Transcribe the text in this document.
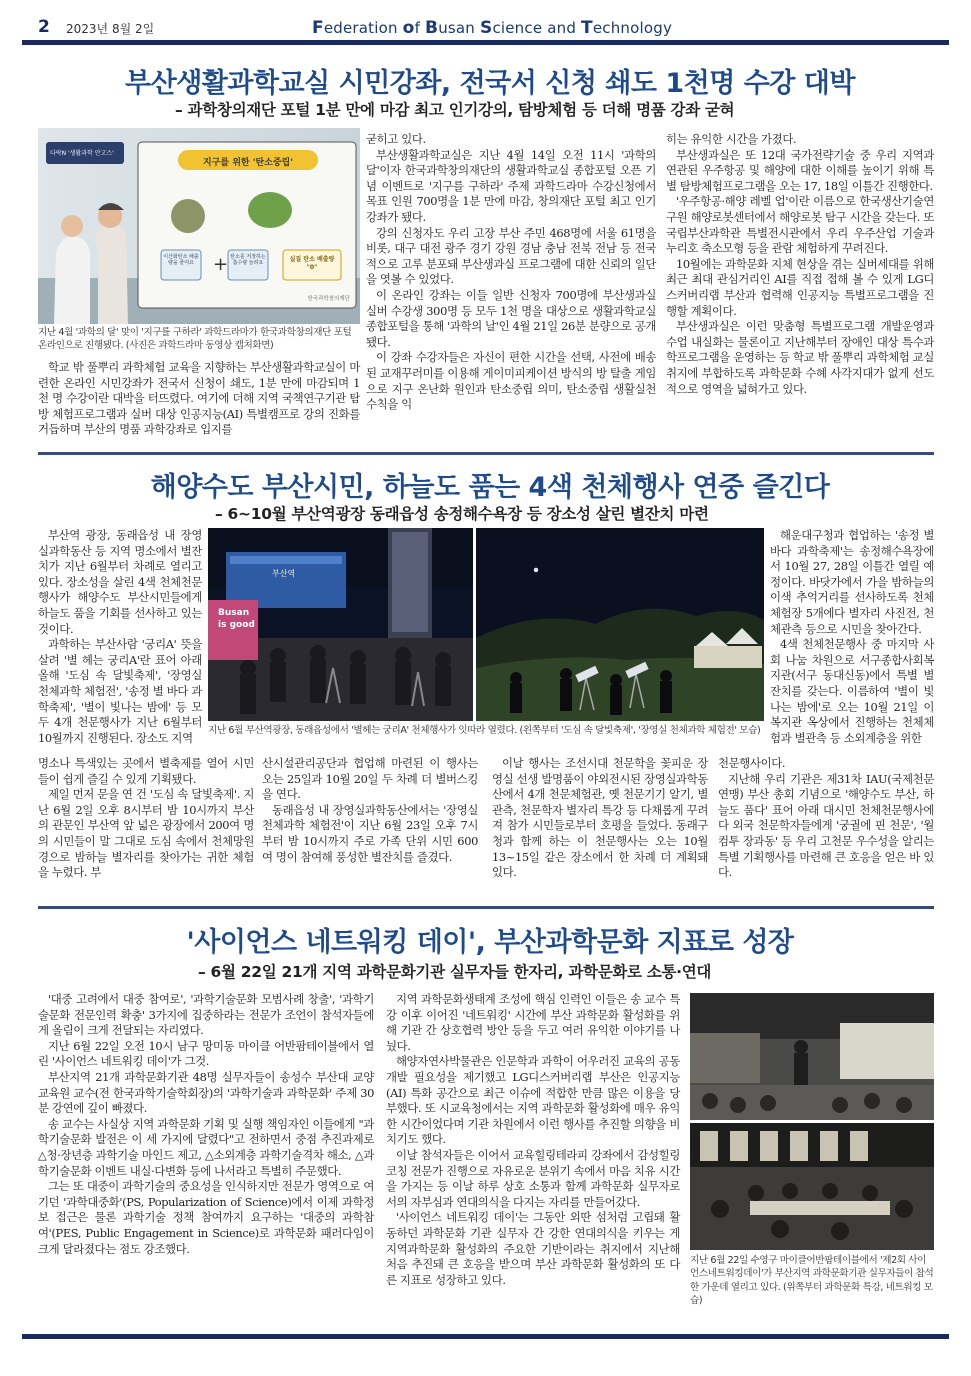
2 2023년 8월 2일	Federation of Busan Science and Technology
부산생활과학교실 시민강좌, 전국서 신청 쇄도 1천명 수강 대박
– 과학창의재단 포털 1분 만에 마감 최고 인기강의, 탐방체험 등 더해 명품 강좌 굳혀
+
다락N '생활과학 안고스'
지구를 위한 '탄소중립'
이산화탄소 배출량을 줄여요
탄소를 저장하는 흡수량 늘려요	실질 탄소 배출량 "0"
한국과학창의재단
지난 4월 '과학의 달' 맞이 '지구를 구하라' 과학드라마가 한국과학창의재단 포털 온라인으로 진행됐다. (사진은 과학드라마 동영상 캡처화면)

학교 밖 풀뿌리 과학체험 교육을 지향하는 부산생활과학교실이 마련한 온라인 시민강좌가 전국서 신청이 쇄도, 1분 만에 마감되며 1천 명 수강이란 대박을 터뜨렸다. 여기에 더해 지역 국책연구기관 탐방 체험프로그램과 실버 대상 인공지능(AI) 특별캠프로 강의 진화를 거듭하며 부산의 명품 과학강좌로 입지를

굳히고 있다.

부산생활과학교실은 지난 4월 14일 오전 11시 '과학의 달'이자 한국과학창의재단의 생활과학교실 종합포털 오픈 기념 이벤트로 '지구를 구하라' 주제 과학드라마 수강신청에서 목표 인원 700명을 1분 만에 마감, 창의재단 포털 최고 인기강좌가 됐다.

강의 신청자도 우리 고장 부산 주민 468명에 서울 61명을 비롯, 대구 대전 광주 경기 강원 경남 충남 전북 전남 등 전국적으로 고루 분포돼 부산생과실 프로그램에 대한 신뢰의 일단을 엿볼 수 있었다.

이 온라인 강좌는 이들 일반 신청자 700명에 부산생과실 실버 수강생 300명 등 모두 1천 명을 대상으로 생활과학교실 종합포털을 통해 '과학의 날'인 4월 21일 26분 분량으로 공개됐다.

이 강좌 수강자들은 자신이 편한 시간을 선택, 사전에 배송된 교재꾸러미를 이용해 게이미피케이션 방식의 방 탈출 게임으로 지구 온난화 원인과 탄소중립 의미, 탄소중립 생활실천 수칙을 익

히는 유익한 시간을 가졌다.

부산생과실은 또 12대 국가전략기술 중 우리 지역과 연관된 우주항공 및 해양에 대한 이해를 높이기 위해 특별 탐방체험프로그램을 오는 17, 18일 이틀간 진행한다.

'우주항공·해양 레벨 업'이란 이름으로 한국생산기술연구원 해양로봇센터에서 해양로봇 탐구 시간을 갖는다. 또 국립부산과학관 특별전시관에서 우리 우주산업 기술과 누리호 축소모형 등을 관람 체험하게 꾸려진다.

10월에는 과학문화 지체 현상을 겪는 실버세대를 위해 최근 최대 관심거리인 AI를 직접 접해 볼 수 있게 LG디스커버리랩 부산과 협력해 인공지능 특별프로그램을 진행할 계획이다.

부산생과실은 이런 맞춤형 특별프로그램 개발운영과 수업 내실화는 물론이고 지난해부터 장애인 대상 특수과학프로그램을 운영하는 등 학교 밖 풀뿌리 과학체험 교실 취지에 부합하도록 과학문화 수혜 사각지대가 없게 선도적으로 영역을 넓혀가고 있다.

해양수도 부산시민, 하늘도 품는 4색 천체행사 연중 즐긴다
– 6~10월 부산역광장 동래읍성 송정해수욕장 등 장소성 살린 별잔치 마련

부산역 광장, 동래읍성 내 장영실과학동산 등 지역 명소에서 별잔치가 지난 6월부터 차례로 열리고 있다. 장소성을 살린 4색 천체천문행사가 해양수도 부산시민들에게 하늘도 품을 기회를 선사하고 있는 것이다.

과학하는 부산사람 '궁리A' 뜻을 살려 '별 헤는 궁리A'란 표어 아래 올해 '도심 속 달빛축제', '장영실 천체과학 체험전', '송정 별 바다 과학축제', '별이 빛나는 밤에' 등 모두 4개 천문행사가 지난 6월부터 10월까지 진행된다. 장소도 지역

Busan
is good
부산역
지난 6월 부산역광장, 동래읍성에서 '별헤는 궁리A' 천체행사가 잇따라 열렸다. (왼쪽부터 '도심 속 달빛축제', '장영실 천체과학 체험전' 모습)

명소나 특색있는 곳에서 별축제를 열어 시민들이 쉽게 즐길 수 있게 기획됐다.

제일 먼저 문을 연 건 '도심 속 달빛축제'. 지난 6월 2일 오후 8시부터 밤 10시까지 부산의 관문인 부산역 앞 넓은 광장에서 200여 명의 시민들이 말 그대로 도심 속에서 천체망원경으로 밤하늘 별자리를 찾아가는 귀한 체험을 누렸다. 부

산시설관리공단과 협업해 마련된 이 행사는 오는 25일과 10월 20일 두 차례 더 별버스킹을 연다.

동래읍성 내 장영실과학동산에서는 '장영실 천체과학 체험전'이 지난 6월 23일 오후 7시부터 밤 10시까지 주로 가족 단위 시민 600여 명이 참여해 풍성한 별잔치를 즐겼다.

이날 행사는 조선시대 천문학을 꽃피운 장영실 선생 발명품이 야외전시된 장영실과학동산에서 4개 천문체험관, 옛 천문기기 알기, 별관측, 천문학자 별자리 특강 등 다채롭게 꾸려져 참가 시민들로부터 호평을 들었다. 동래구청과 함께 하는 이 천문행사는 오는 10월 13~15일 같은 장소에서 한 차례 더 계획돼 있다.

해운대구청과 협업하는 '송정 별 바다 과학축제'는 송정해수욕장에서 10월 27, 28일 이틀간 열릴 예정이다. 바닷가에서 가을 밤하늘의 이색 추억거리를 선사하도록 천체체험장 5개에다 별자리 사진전, 천체관측 등으로 시민을 찾아간다.

4색 천체천문행사 중 마지막 사회 나눔 차원으로 서구종합사회복지관(서구 동대신동)에서 특별 별잔치를 갖는다. 이름하여 '별이 빛나는 밤에'로 오는 10월 21일 이 복지관 옥상에서 진행하는 천체체험과 별관측 등 소외계층을 위한

천문행사이다.

지난해 우리 기관은 제31차 IAU(국제천문연맹) 부산 총회 기념으로 '해양수도 부산, 하늘도 품다' 표어 아래 대시민 천체천문행사에다 외국 천문학자들에게 '궁궐에 핀 천문', '월컴투 장과동' 등 우리 고천문 우수성을 알리는 특별 기획행사를 마련해 큰 호응을 얻은 바 있다.

'사이언스 네트워킹 데이', 부산과학문화 지표로 성장
– 6월 22일 21개 지역 과학문화기관 실무자들 한자리, 과학문화로 소통·연대

'대중 고려에서 대중 참여로', '과학기술문화 모범사례 창출', '과학기술문화 전문인력 확충' 3가지에 집중하라는 전문가 조언이 참석자들에게 올림이 크게 전달되는 자리였다.

지난 6월 22일 오전 10시 남구 망미동 마이클 어반팜테이블에서 열린 '사이언스 네트워킹 데이'가 그것.

부산지역 21개 과학문화기관 48명 실무자들이 송성수 부산대 교양교육원 교수(전 한국과학기술학회장)의 '과학기술과 과학문화' 주제 30분 강연에 깊이 빠졌다.

송 교수는 사실상 지역 과학문화 기획 및 실행 책임자인 이들에게 "과학기술문화 발전은 이 세 가지에 달렸다"고 전하면서 중점 추진과제로 △청·장년층 과학기술 마인드 제고, △소외계층 과학기술격차 해소, △과학기술문화 이벤트 내실·다변화 등에 나서라고 특별히 주문했다.

그는 또 대중이 과학기술의 중요성을 인식하지만 전문가 영역으로 여기던 '과학대중화'(PS, Popularization of Science)에서 이제 과학정보 접근은 물론 과학기술 정책 참여까지 요구하는 '대중의 과학참여'(PES, Public Engagement in Science)로 과학문화 패러다임이 크게 달라졌다는 점도 강조했다.

지역 과학문화생태계 조성에 핵심 인력인 이들은 송 교수 특강 이후 이어진 '네트워킹' 시간에 부산 과학문화 활성화를 위해 기관 간 상호협력 방안 등을 두고 여러 유익한 이야기를 나눴다.

해양자연사박물관은 인문학과 과학이 어우러진 교육의 공동개발 필요성을 제기했고 LG디스커버리랩 부산은 인공지능(AI) 특화 공간으로 최근 이슈에 적합한 만큼 많은 이용을 당부했다. 또 시교육청에서는 지역 과학문화 활성화에 매우 유익한 시간이었다며 기관 차원에서 이런 행사를 추진할 의향을 비치기도 했다.

이날 참석자들은 이어서 교육힐링테라피 강좌에서 감성힐링 코칭 전문가 진행으로 자유로운 분위기 속에서 마음 치유 시간을 가지는 등 이날 하루 상호 소통과 함께 과학문화 실무자로서의 자부심과 연대의식을 다지는 자리를 만들어갔다.

'사이언스 네트워킹 데이'는 그동안 외딴 섬처럼 고립돼 활동하던 과학문화 기관 실무자 간 강한 연대의식을 키우는 게 지역과학문화 활성화의 주요한 기반이라는 취지에서 지난해 처음 추진돼 큰 호응을 받으며 부산 과학문화 활성화의 또 다른 지표로 성장하고 있다.

지난 6월 22일 수영구 마이클어반팜테이블에서 '제2회 사이언스네트워킹데이'가 부산지역 과학문화기관 실무자들이 참석한 가운데 열리고 있다. (위쪽부터 과학문화 특강, 네트워킹 모습)
